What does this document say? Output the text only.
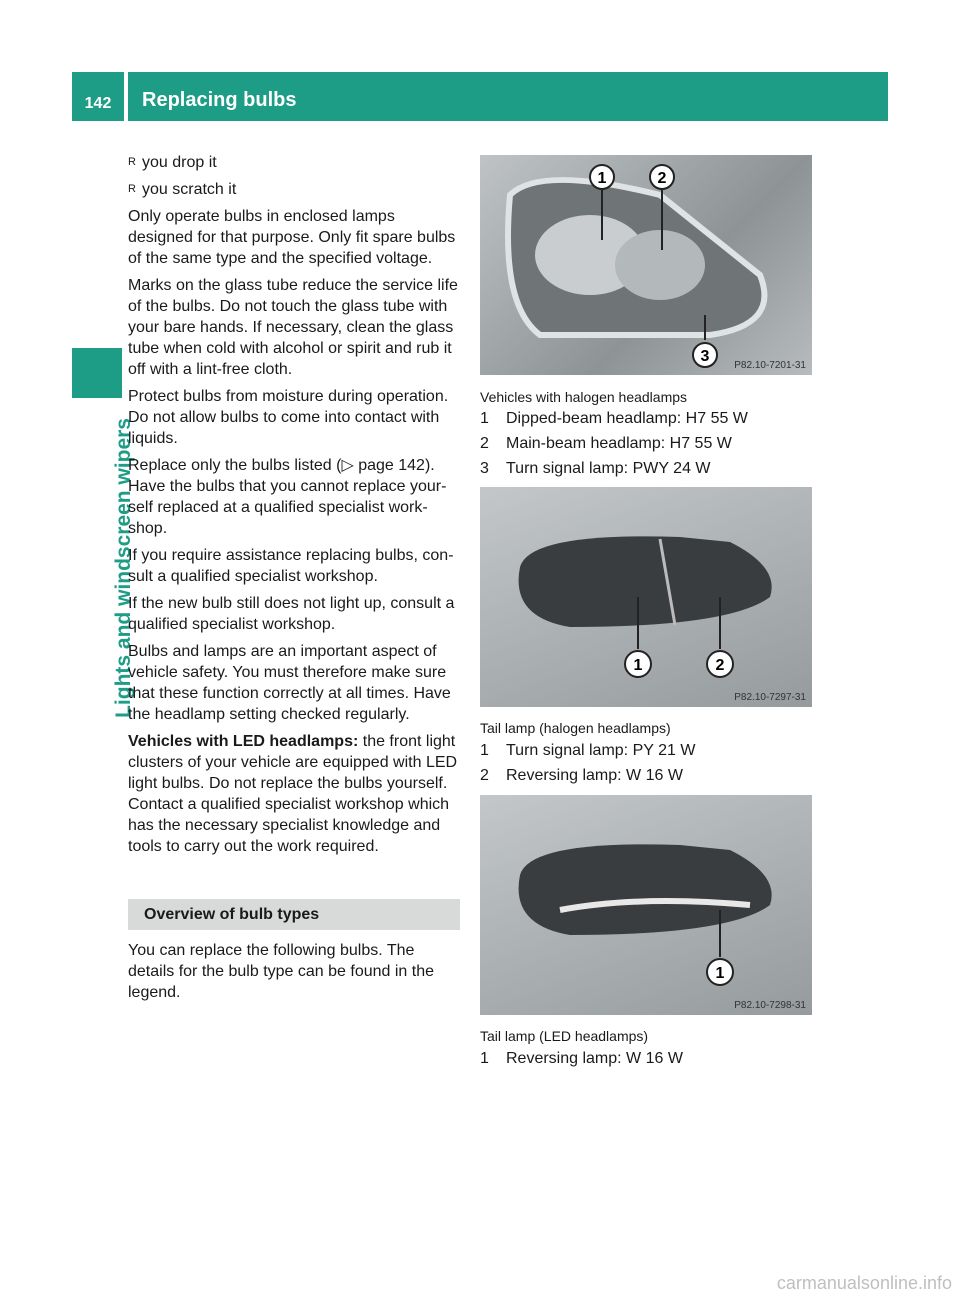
142	Replacing bulbs
Lights and windscreen wipers
R you drop it
R you scratch it

Only operate bulbs in enclosed lamps designed for that purpose. Only fit spare bulbs of the same type and the specified voltage.

Marks on the glass tube reduce the service life of the bulbs. Do not touch the glass tube with your bare hands. If necessary, clean the glass tube when cold with alcohol or spirit and rub it off with a lint-free cloth.

Protect bulbs from moisture during operation. Do not allow bulbs to come into contact with liquids.

Replace only the bulbs listed (▷ page 142). Have the bulbs that you cannot replace yourself replaced at a qualified specialist workshop.

If you require assistance replacing bulbs, consult a qualified specialist workshop.

If the new bulb still does not light up, consult a qualified specialist workshop.

Bulbs and lamps are an important aspect of vehicle safety. You must therefore make sure that these function correctly at all times. Have the headlamp setting checked regularly.

Vehicles with LED headlamps: the front light clusters of your vehicle are equipped with LED light bulbs. Do not replace the bulbs yourself. Contact a qualified specialist workshop which has the necessary specialist knowledge and tools to carry out the work required.

Overview of bulb types

You can replace the following bulbs. The details for the bulb type can be found in the legend.

1	2
3
P82.10-7201-31
Vehicles with halogen headlamps
1	Dipped-beam headlamp: H7 55 W
2	Main-beam headlamp: H7 55 W
3	Turn signal lamp: PWY 24 W
1	2
P82.10-7297-31
Tail lamp (halogen headlamps)
1	Turn signal lamp: PY 21 W
2	Reversing lamp: W 16 W
1
P82.10-7298-31
Tail lamp (LED headlamps)
1	Reversing lamp: W 16 W
carmanualsonline.info
